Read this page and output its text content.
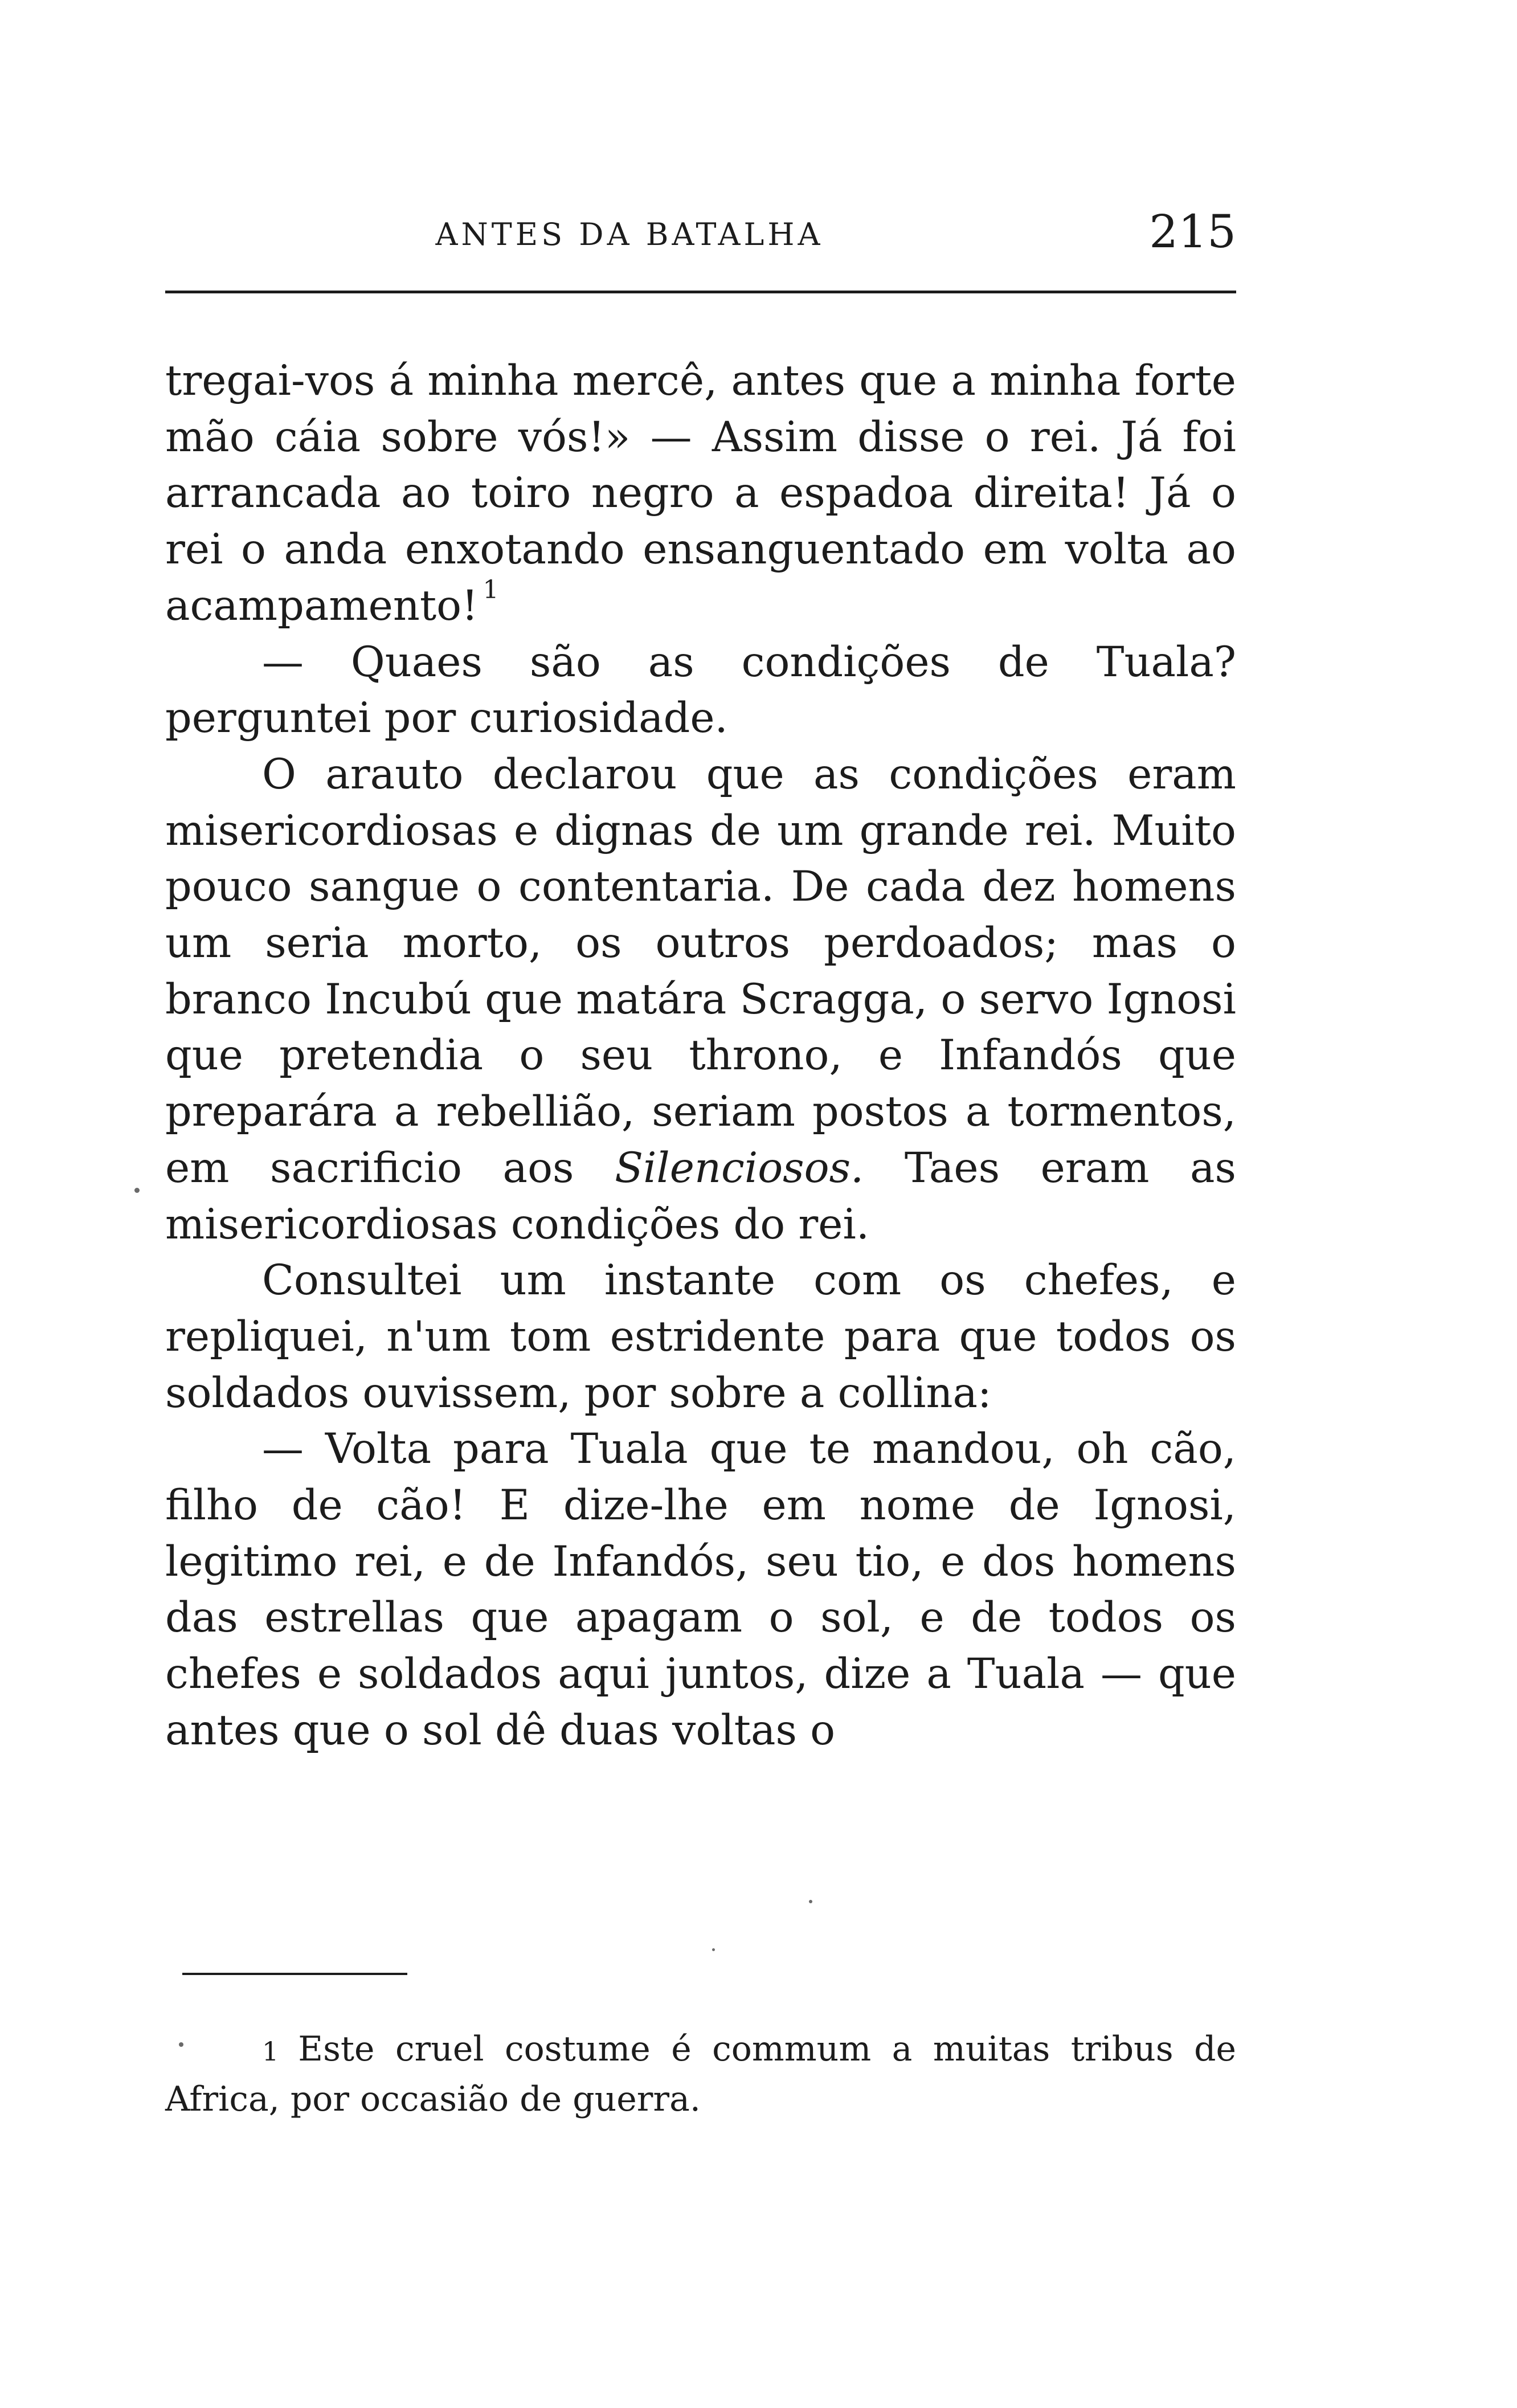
ANTES DA BATALHA	215

tregai-vos á minha mercê, antes que a minha forte mão cáia sobre vós!» — Assim disse o rei. Já foi arrancada ao toiro negro a espadoa direita! Já o rei o anda enxotando ensanguentado em volta ao acampamento! $^1$

— Quaes são as condições de Tuala? perguntei por curiosidade.

O arauto declarou que as condições eram misericordiosas e dignas de um grande rei. Muito pouco sangue o contentaria. De cada dez homens um seria morto, os outros perdoados; mas o branco Incubú que matára Scragga, o servo Ignosi que pretendia o seu throno, e Infandós que preparára a rebellião, seriam postos a tormentos, em sacrificio aos Silenciosos. Taes eram as misericordiosas condições do rei.

Consultei um instante com os chefes, e repliquei, n'um tom estridente para que todos os soldados ouvissem, por sobre a collina:

— Volta para Tuala que te mandou, oh cão, filho de cão! E dize-lhe em nome de Ignosi, legitimo rei, e de Infandós, seu tio, e dos homens das estrellas que apagam o sol, e de todos os chefes e soldados aqui juntos, dize a Tuala — que antes que o sol dê duas voltas o

1 Este cruel costume é commum a muitas tribus de Africa, por occasião de guerra.
